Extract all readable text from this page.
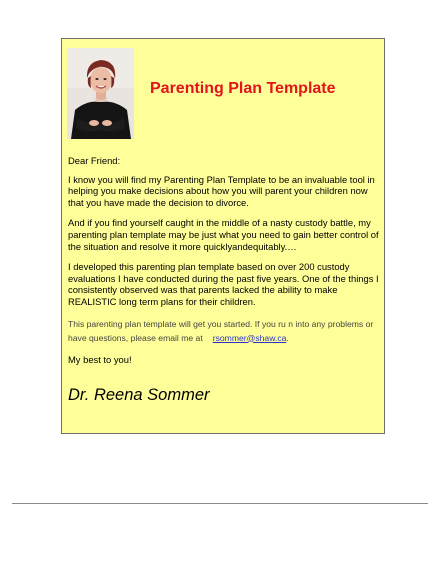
Parenting Plan Template

Dear Friend:

I know you will find my Parenting Plan Template to be an invaluable tool in helping you make decisions about how you will parent your children now that you have made the decision to divorce.

And if you find yourself caught in the middle of a nasty custody battle, my parenting plan template may be just what you need to gain better control of the situation and resolve it more quicklyandequitably.…

I developed this parenting plan template based on over 200 custody evaluations I have conducted during the past five years. One of the things I consistently observed was that parents lacked the ability to make REALISTIC long term plans for their children.

This parenting plan template will get you started. If you ru n into any problems or have questions, please email me at rsommer@shaw.ca.

My best to you!

Dr. Reena Sommer
